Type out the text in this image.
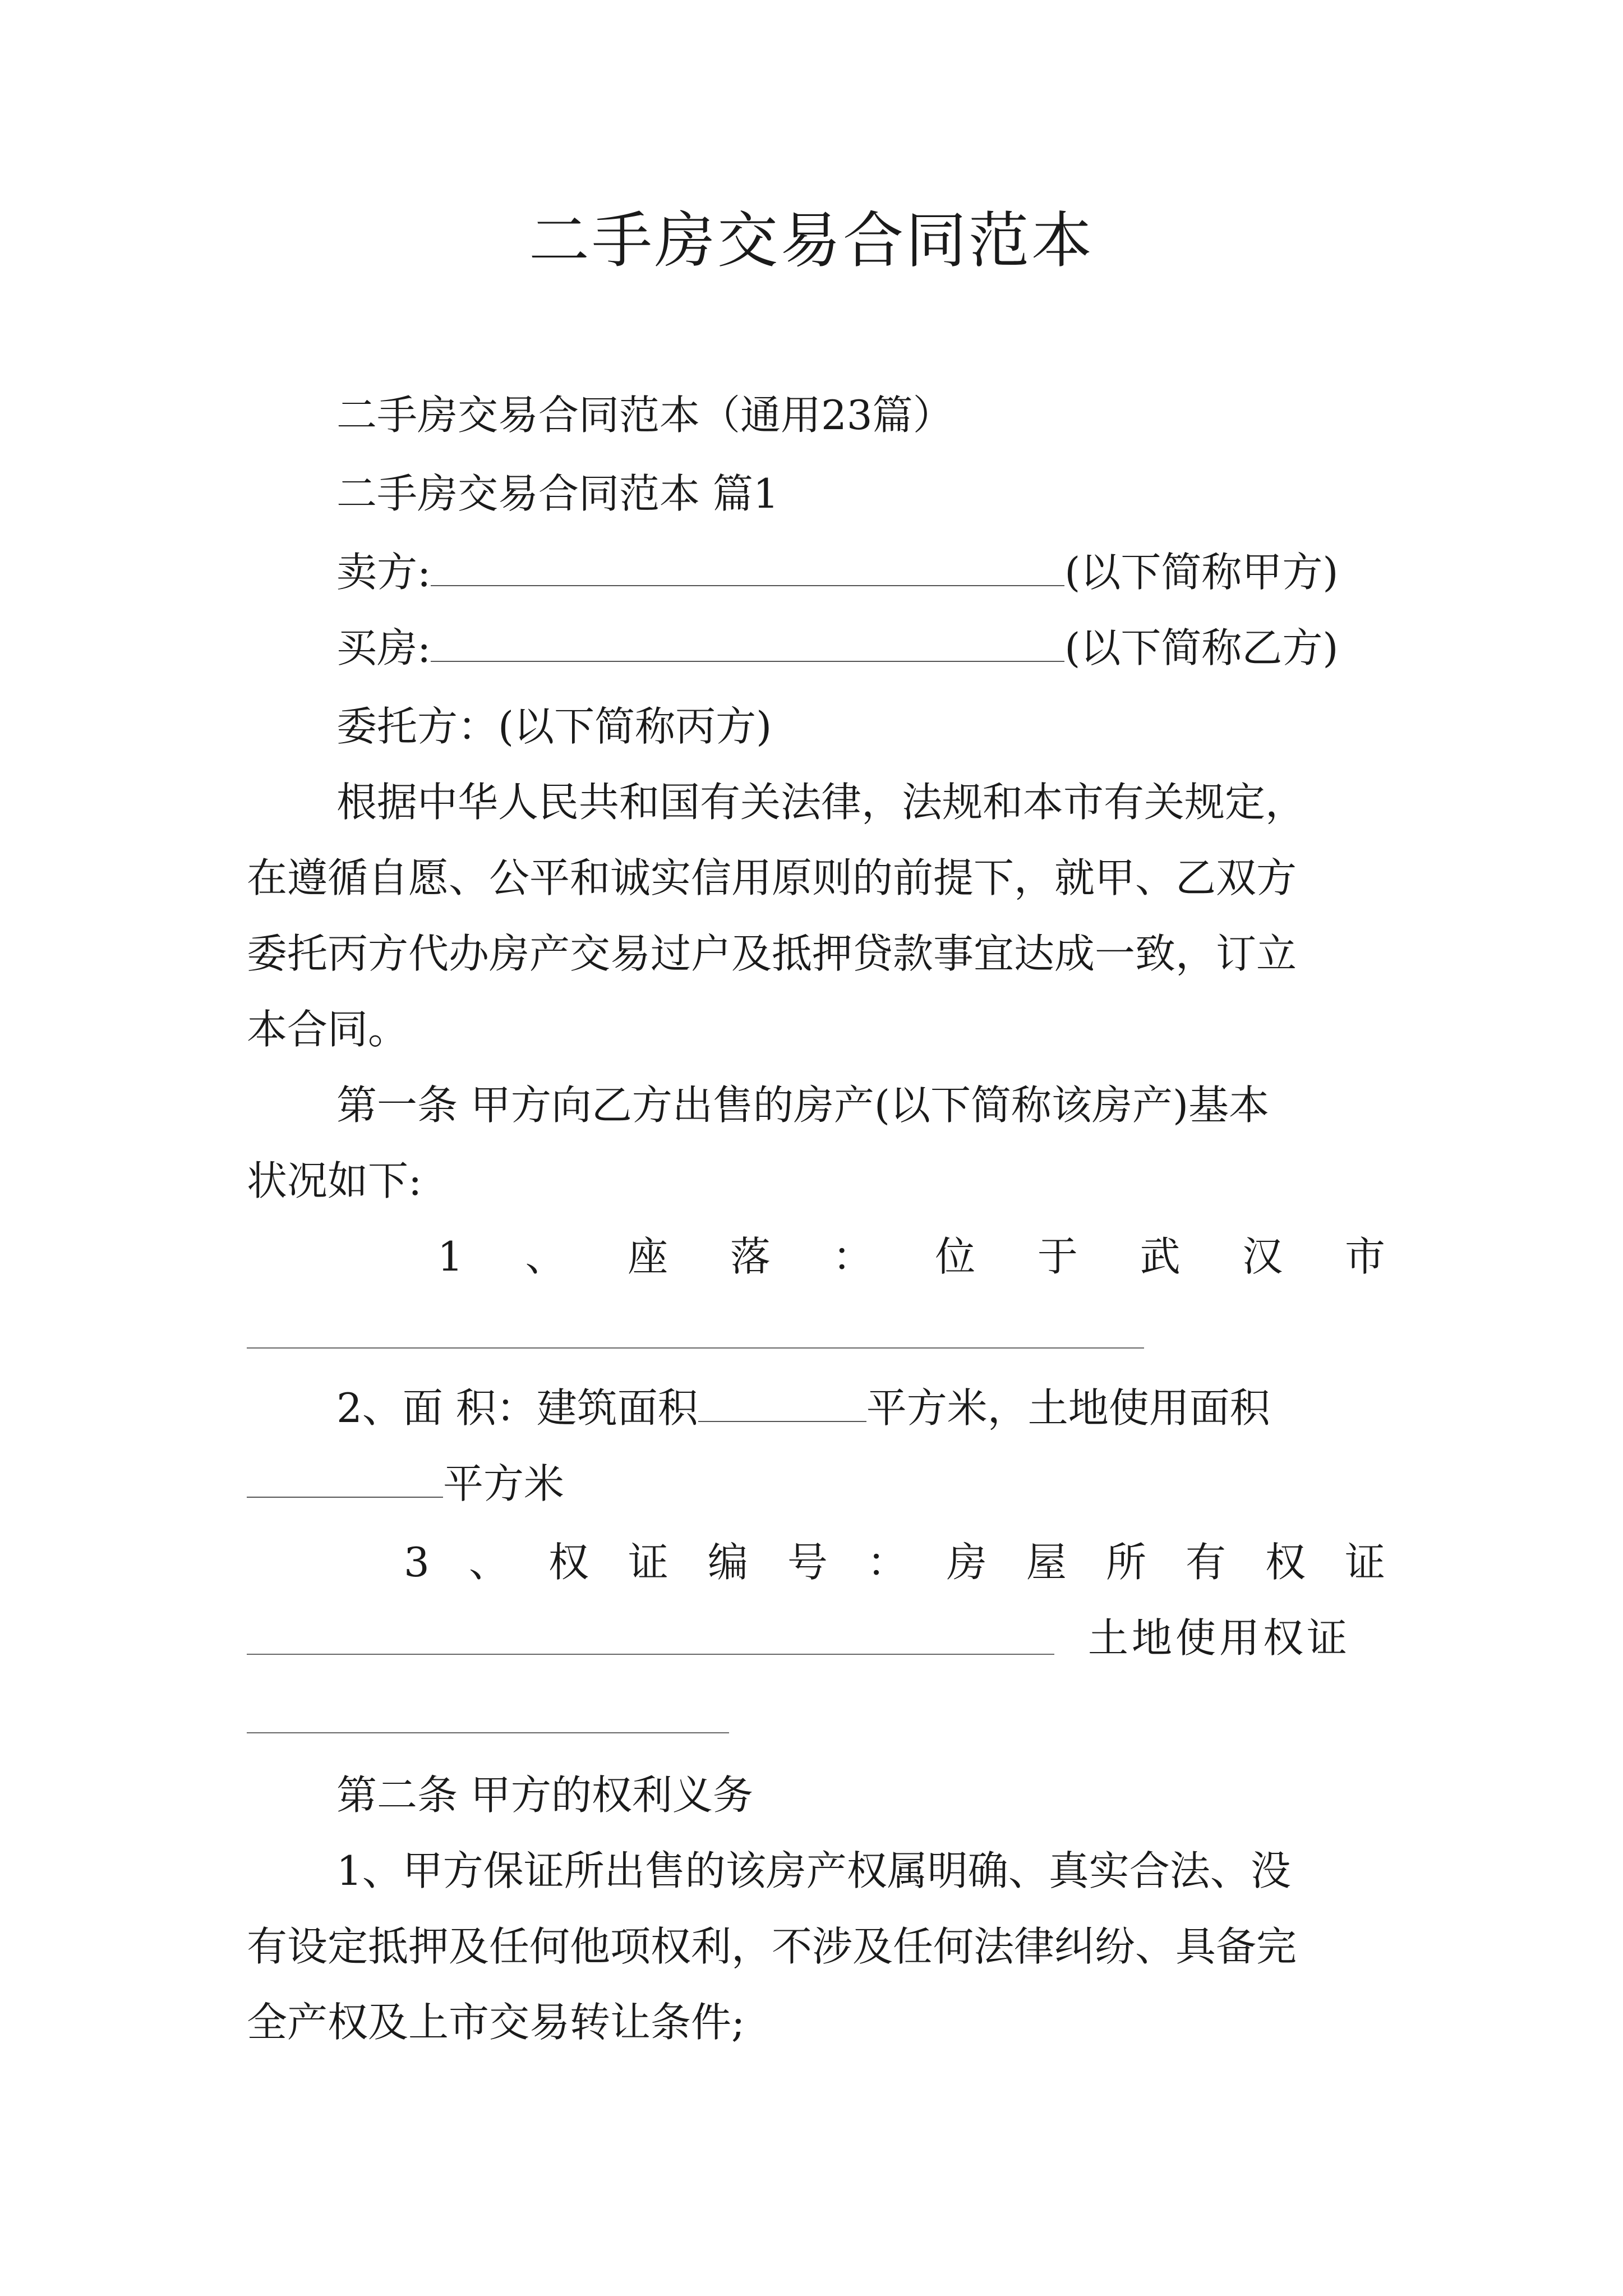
二手房交易合同范本

二手房交易合同范本（通用23篇）

二手房交易合同范本 篇1

卖方:	(以下简称甲方)
买房:	(以下简称乙方)

委托方：(以下简称丙方)

根据中华人民共和国有关法律，法规和本市有关规定，

在遵循自愿、公平和诚实信用原则的前提下，就甲、乙双方

委托丙方代办房产交易过户及抵押贷款事宜达成一致，订立

本合同。

第一条 甲方向乙方出售的房产(以下简称该房产)基本

状况如下:

1 、 座 落 ： 位 于 武 汉 市
2、面 积：建筑面积	平方米，土地使用面积
平方米
3 、 权 证 编 号 ： 房 屋 所 有 权 证

土地使用权证

第二条 甲方的权利义务

1、甲方保证所出售的该房产权属明确、真实合法、没

有设定抵押及任何他项权利，不涉及任何法律纠纷、具备完

全产权及上市交易转让条件;
